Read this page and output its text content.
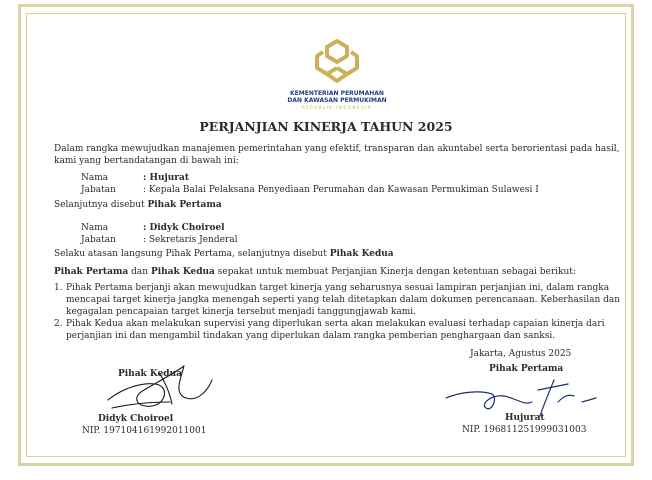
KEMENTERIAN PERUMAHAN
DAN KAWASAN PERMUKIMAN
REPUBLIK INDONESIA
PERJANJIAN KINERJA TAHUN 2025
Dalam rangka mewujudkan manajemen pemerintahan yang efektif, transparan dan akuntabel serta berorientasi pada hasil,
kami yang bertandatangan di bawah ini:
Nama	: Hujurat
Jabatan	: Kepala Balai Pelaksana Penyediaan Perumahan dan Kawasan Permukiman Sulawesi I
Selanjutnya disebut Pihak Pertama
Nama	: Didyk Choiroel
Jabatan	: Sekretaris Jenderal
Selaku atasan langsung Pihak Pertama, selanjutnya disebut Pihak Kedua
Pihak Pertama dan Pihak Kedua sepakat untuk membuat Perjanjian Kinerja dengan ketentuan sebagai berikut:
1. Pihak Pertama berjanji akan mewujudkan target kinerja yang seharusnya sesuai lampiran perjanjian ini, dalam rangka
mencapai target kinerja jangka menengah seperti yang telah ditetapkan dalam dokumen perencanaan. Keberhasilan dan
kegagalan pencapaian target kinerja tersebut menjadi tanggungjawab kami.
2. Pihak Kedua akan melakukan supervisi yang diperlukan serta akan melakukan evaluasi terhadap capaian kinerja dari
perjanjian ini dan mengambil tindakan yang diperlukan dalam rangka pemberian penghargaan dan sanksi.
Jakarta, Agustus 2025
Pihak Pertama
Pihak Kedua
Didyk Choiroel
NIP. 197104161992011001
Hujurat
NIP. 196811251999031003
